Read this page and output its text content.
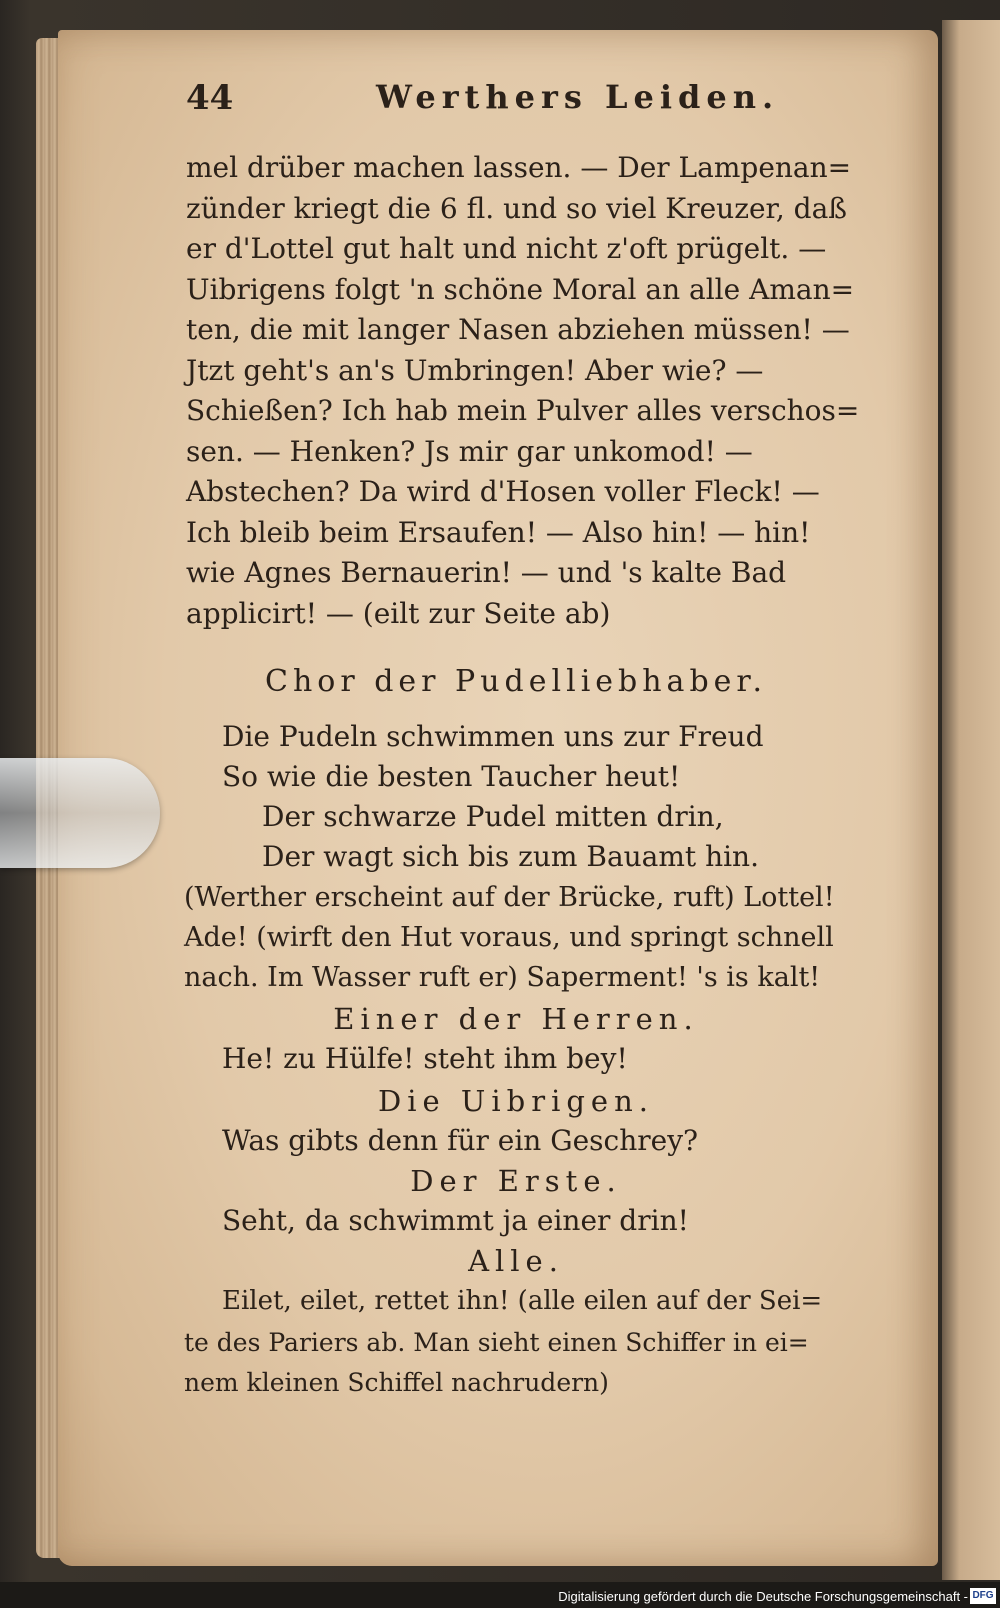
44	Werthers Leiden.
mel drüber machen lassen. — Der Lampenan=
zünder kriegt die 6 fl. und so viel Kreuzer, daß
er d'Lottel gut halt und nicht z'oft prügelt. —
Uibrigens folgt 'n schöne Moral an alle Aman=
ten, die mit langer Nasen abziehen müssen! —
Jtzt geht's an's Umbringen! Aber wie? —
Schießen? Ich hab mein Pulver alles verschos=
sen. — Henken? Js mir gar unkomod! —
Abstechen? Da wird d'Hosen voller Fleck! —
Ich bleib beim Ersaufen! — Also hin! — hin!
wie Agnes Bernauerin! — und 's kalte Bad
applicirt! — (eilt zur Seite ab)
Chor der Pudelliebhaber.
Die Pudeln schwimmen uns zur Freud
So wie die besten Taucher heut!
Der schwarze Pudel mitten drin,
Der wagt sich bis zum Bauamt hin.
(Werther erscheint auf der Brücke, ruft) Lottel!
Ade! (wirft den Hut voraus, und springt schnell
nach. Im Wasser ruft er) Saperment! 's is kalt!
Einer der Herren.
He! zu Hülfe! steht ihm bey!
Die Uibrigen.
Was gibts denn für ein Geschrey?
Der Erste.
Seht, da schwimmt ja einer drin!
Alle.
Eilet, eilet, rettet ihn! (alle eilen auf der Sei=
te des Pariers ab. Man sieht einen Schiffer in ei=
nem kleinen Schiffel nachrudern)
Digitalisierung gefördert durch die Deutsche Forschungsgemeinschaft - DFG
